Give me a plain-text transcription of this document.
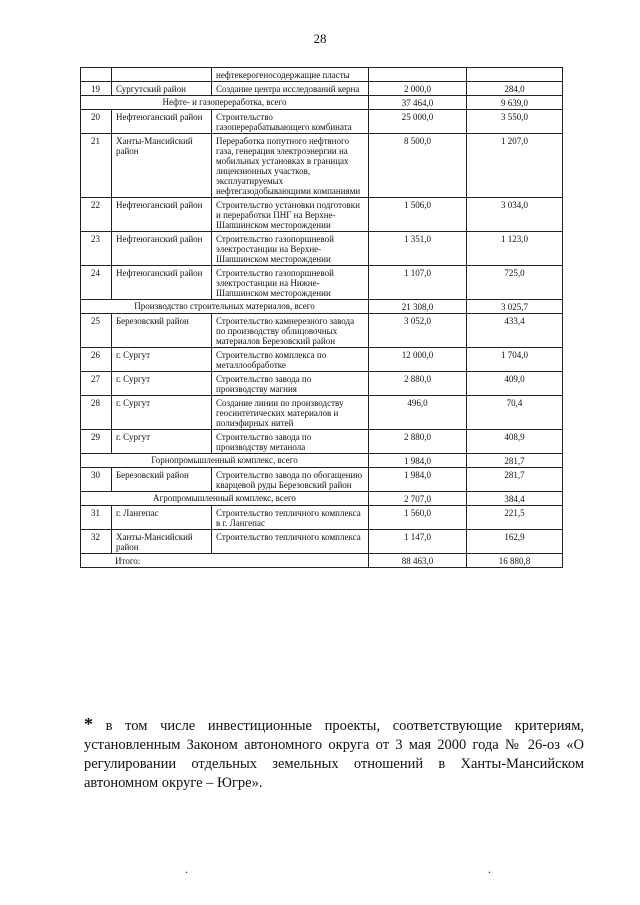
28
		нефтекерогеносодержащие пласты		
19	Сургутский район	Создание центра исследований керна	2 000,0	284,0
Нефте- и газопереработка, всего			37 464,0	9 639,0
20	Нефтеюганский район	Строительство газоперерабатывающего комбината	25 000,0	3 550,0
21	Ханты-Мансийский район	Переработка попутного нефтяного газа, генерация электроэнергии на мобильных установках в границах лицензионных участков, эксплуатируемых нефтегазодобывающими компаниями	8 500,0	1 207,0
22	Нефтеюганский район	Строительство установки подготовки и переработки ПНГ на Верхне-Шапшинском месторождении	1 506,0	3 034,0
23	Нефтеюганский район	Строительство газопоршневой электростанции на Верхне-Шапшинском месторождении	1 351,0	1 123,0
24	Нефтеюганский район	Строительство газопоршневой электростанции на Нижне-Шапшинском месторождении	1 107,0	725,0
Производство строительных материалов, всего			21 308,0	3 025,7
25	Березовский район	Строительство камнерезного завода по производству облицовочных материалов Березовский район	3 052,0	433,4
26	г. Сургут	Строительство комплекса по металлообработке	12 000,0	1 704,0
27	г. Сургут	Строительство завода по производству магния	2 880,0	409,0
28	г. Сургут	Создание линии по производству геосинтетических материалов и полиэфирных нитей	496,0	70,4
29	г. Сургут	Строительство завода по производству метанола	2 880,0	408,9
Горнопромышленный комплекс, всего			1 984,0	281,7
30	Березовский район	Строительство завода по обогащению кварцевой руды Березовский район	1 984,0	281,7
Агропромышленный комплекс, всего			2 707,0	384,4
31	г. Лангепас	Строительство тепличного комплекса в г. Лангепас	1 560,0	221,5
32	Ханты-Мансийский район	Строительство тепличного комплекса	1 147,0	162,9
Итого:			88 463,0	16 880,8
* в том числе инвестиционные проекты, соответствующие критериям, установленным Законом автономного округа от 3 мая 2000 года № 26-оз «О регулировании отдельных земельных отношений в Ханты-Мансийском автономном округе – Югре».
.	.
